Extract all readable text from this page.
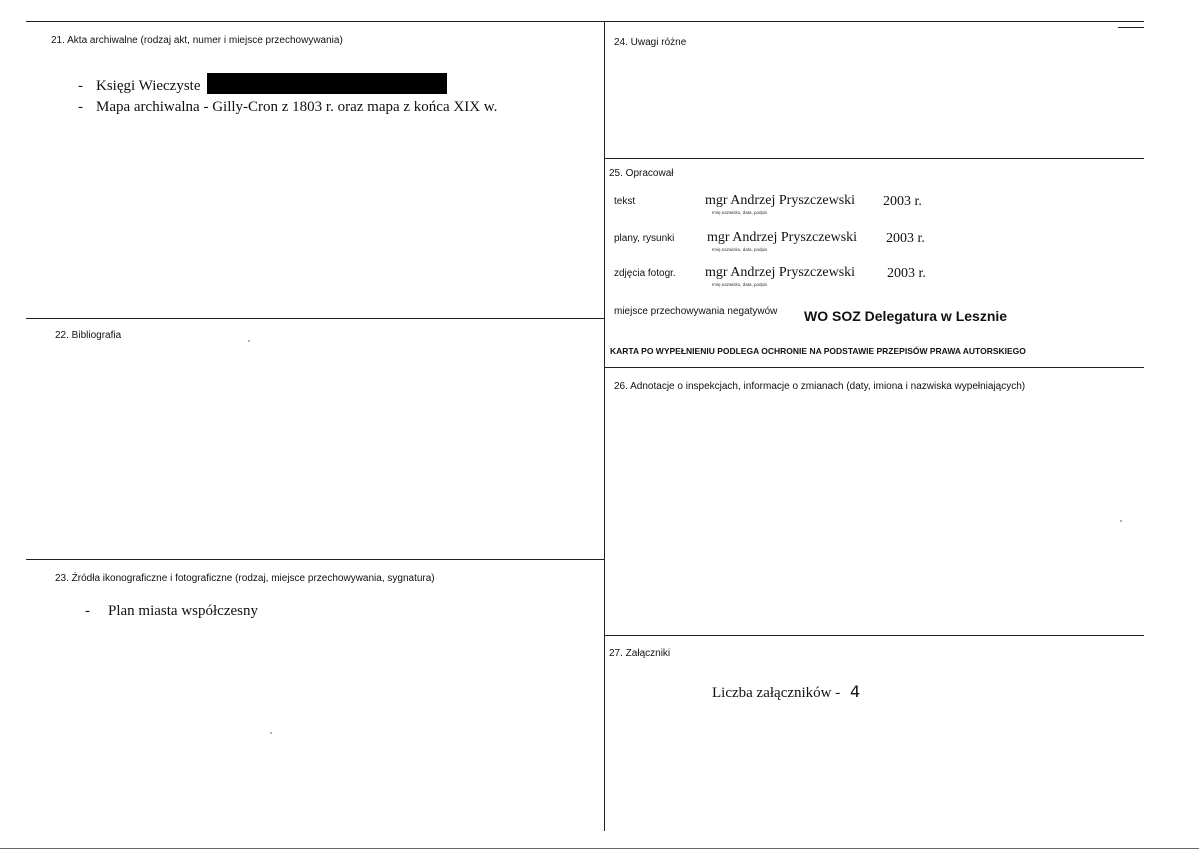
21. Akta archiwalne (rodzaj akt, numer i miejsce przechowywania)
- Księgi Wieczyste
- Mapa archiwalna - Gilly-Cron z 1803 r. oraz mapa z końca XIX w.
22. Bibliografia
23. Źródła ikonograficzne i fotograficzne (rodzaj, miejsce przechowywania, sygnatura)
- Plan miasta współczesny
24. Uwagi różne
25. Opracował
tekst	mgr Andrzej Pryszczewski 2003 r.
Imię,nazwisko, data, podpis
plany, rysunki mgr Andrzej Pryszczewski 2003 r.
Imię,nazwisko, data, podpis
zdjęcia fotogr. mgr Andrzej Pryszczewski 2003 r.
Imię,nazwisko, data, podpis
miejsce przechowywania negatywów WO SOZ Delegatura w Lesznie
KARTA PO WYPEŁNIENIU PODLEGA OCHRONIE NA PODSTAWIE PRZEPISÓW PRAWA AUTORSKIEGO
26. Adnotacje o inspekcjach, informacje o zmianach (daty, imiona i nazwiska wypełniających)
27. Załączniki
Liczba załączników - 4
